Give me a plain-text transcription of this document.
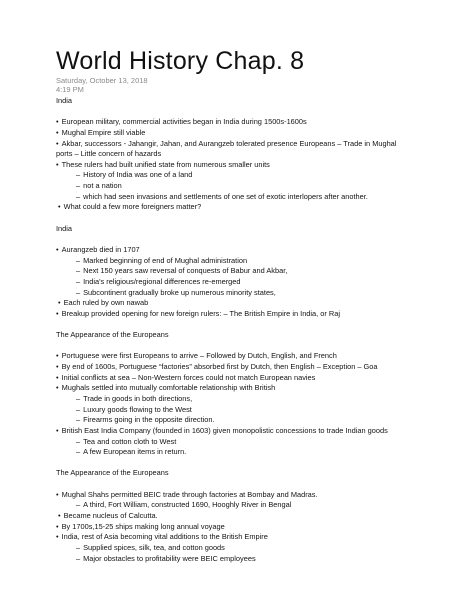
World History Chap. 8
Saturday, October 13, 2018
4:19 PM
India
• European military, commercial activities began in India during 1500s-1600s
• Mughal Empire still viable
• Akbar, successors - Jahangir, Jahan, and Aurangzeb tolerated presence Europeans – Trade in Mughal
ports – Little concern of hazards
• These rulers had built unified state from numerous smaller units
– History of India was one of a land
– not a nation
– which had seen invasions and settlements of one set of exotic interlopers after another.
• What could a few more foreigners matter?
India
• Aurangzeb died in 1707
– Marked beginning of end of Mughal administration
– Next 150 years saw reversal of conquests of Babur and Akbar,
– India's religious/regional differences re-emerged
– Subcontinent gradually broke up numerous minority states,
• Each ruled by own nawab
• Breakup provided opening for new foreign rulers: – The British Empire in India, or Raj
The Appearance of the Europeans
• Portuguese were first Europeans to arrive – Followed by Dutch, English, and French
• By end of 1600s, Portuguese “factories” absorbed first by Dutch, then English – Exception – Goa
• Initial conflicts at sea – Non-Western forces could not match European navies
• Mughals settled into mutually comfortable relationship with British
– Trade in goods in both directions,
– Luxury goods flowing to the West
– Firearms going in the opposite direction.
• British East India Company (founded in 1603) given monopolistic concessions to trade Indian goods
– Tea and cotton cloth to West
– A few European items in return.
The Appearance of the Europeans
• Mughal Shahs permitted BEIC trade through factories at Bombay and Madras.
– A third, Fort William, constructed 1690, Hooghly River in Bengal
• Became nucleus of Calcutta.
• By 1700s,15-25 ships making long annual voyage
• India, rest of Asia becoming vital additions to the British Empire
– Supplied spices, silk, tea, and cotton goods
– Major obstacles to profitability were BEIC employees
